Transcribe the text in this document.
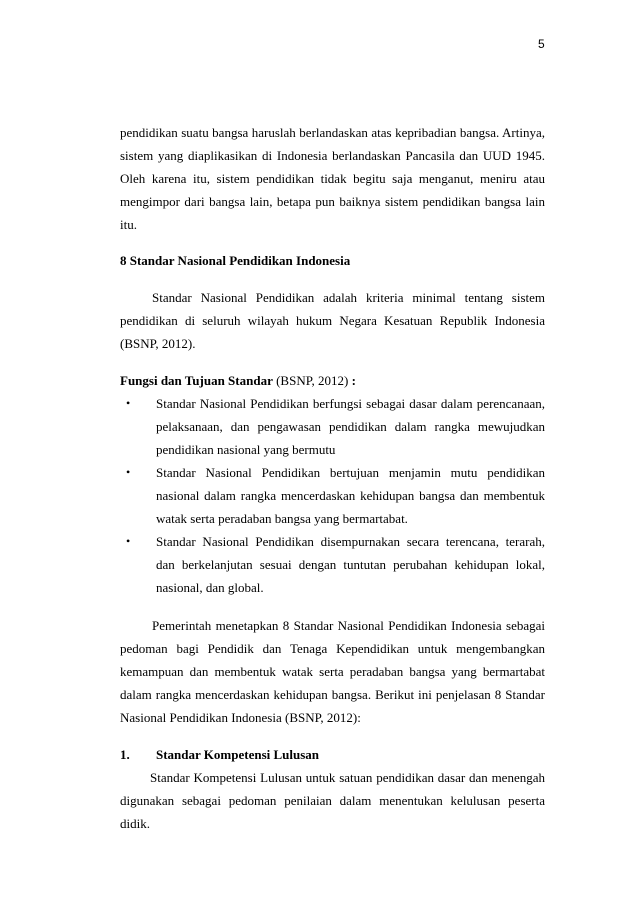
5

pendidikan suatu bangsa haruslah berlandaskan atas kepribadian bangsa. Artinya, sistem yang diaplikasikan di Indonesia berlandaskan Pancasila dan UUD 1945. Oleh karena itu, sistem pendidikan tidak begitu saja menganut, meniru atau mengimpor dari bangsa lain, betapa pun baiknya sistem pendidikan bangsa lain itu.

8 Standar Nasional Pendidikan Indonesia

Standar Nasional Pendidikan adalah kriteria minimal tentang sistem pendidikan di seluruh wilayah hukum Negara Kesatuan Republik Indonesia (BSNP, 2012).

Fungsi dan Tujuan Standar (BSNP, 2012) :

• Standar Nasional Pendidikan berfungsi sebagai dasar dalam perencanaan, pelaksanaan, dan pengawasan pendidikan dalam rangka mewujudkan pendidikan nasional yang bermutu
• Standar Nasional Pendidikan bertujuan menjamin mutu pendidikan nasional dalam rangka mencerdaskan kehidupan bangsa dan membentuk watak serta peradaban bangsa yang bermartabat.
• Standar Nasional Pendidikan disempurnakan secara terencana, terarah, dan berkelanjutan sesuai dengan tuntutan perubahan kehidupan lokal, nasional, dan global.

Pemerintah menetapkan 8 Standar Nasional Pendidikan Indonesia sebagai pedoman bagi Pendidik dan Tenaga Kependidikan untuk mengembangkan kemampuan dan membentuk watak serta peradaban bangsa yang bermartabat dalam rangka mencerdaskan kehidupan bangsa. Berikut ini penjelasan 8 Standar Nasional Pendidikan Indonesia (BSNP, 2012):

1.	Standar Kompetensi Lulusan

Standar Kompetensi Lulusan untuk satuan pendidikan dasar dan menengah digunakan sebagai pedoman penilaian dalam menentukan kelulusan peserta didik.
